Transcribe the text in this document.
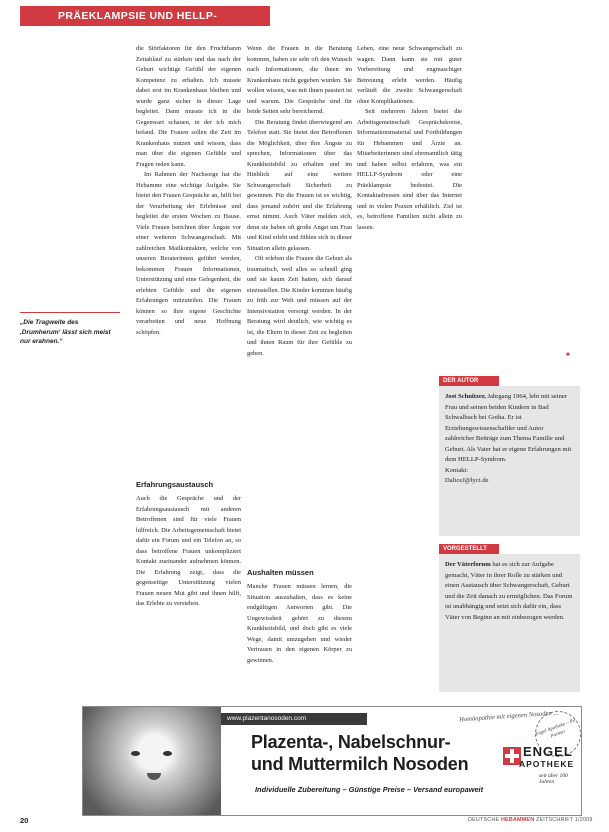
PRÄEKLAMPSIE UND HELLP-SYNDROM
„Die Tragweite des ‚Drumherum‘ lässt sich meist nur erahnen.“

die Störfaktoren für den Fruchtbaren Zeitablauf zu stärken und das nach der Geburt wichtige Gefühl der eigenen Kompetenz zu erhalten. Ich musste dabei erst im Krankenhaus bleiben und wurde ganz sicher in dieser Lage begleitet. Dann musste ich in die Gegenwart schauen, in der ich mich befand. Die Frauen sollen die Zeit im Krankenhaus nutzen und wissen, dass man über die eigenen Gefühle und Fragen reden kann.

Im Rahmen der Nachsorge hat die Hebamme eine wichtige Aufgabe. Sie bietet den Frauen Gespräche an, hilft bei der Verarbeitung der Erlebnisse und begleitet die ersten Wochen zu Hause. Viele Frauen berichten über Ängste vor einer weiteren Schwangerschaft. Mit zahlreichen Mailkontakten, welche von unseren Beraterinnen geführt werden, bekommen Frauen Informationen, Unterstützung und eine Gelegenheit, die erlebten Gefühle und die eigenen Erfahrungen mitzuteilen. Die Frauen können so ihre eigene Geschichte verarbeiten und neue Hoffnung schöpfen.

Erfahrungsaustausch

Auch die Gespräche und der Erfahrungsaustausch mit anderen Betroffenen sind für viele Frauen hilfreich. Die Arbeitsgemeinschaft bietet dafür ein Forum und ein Telefon an, so dass betroffene Frauen unkompliziert Kontakt zueinander aufnehmen können. Die Erfahrung zeigt, dass die gegenseitige Unterstützung vielen Frauen neuen Mut gibt und ihnen hilft, das Erlebte zu verstehen.

Wenn die Frauen in die Beratung kommen, haben sie sehr oft den Wunsch nach Informationen, die ihnen im Krankenhaus nicht gegeben wurden. Sie wollen wissen, was mit ihnen passiert ist und warum. Die Gespräche sind für beide Seiten sehr bereichernd.

Die Beratung findet überwiegend am Telefon statt. Sie bietet den Betroffenen die Möglichkeit, über ihre Ängste zu sprechen, Informationen über das Krankheitsbild zu erhalten und im Hinblick auf eine weitere Schwangerschaft Sicherheit zu gewinnen. Für die Frauen ist es wichtig, dass jemand zuhört und die Erfahrung ernst nimmt. Auch Väter melden sich, denn sie haben oft große Angst um Frau und Kind erlebt und fühlen sich in dieser Situation allein gelassen.

Oft erleben die Frauen die Geburt als traumatisch, weil alles so schnell ging und sie kaum Zeit hatten, sich darauf einzustellen. Die Kinder kommen häufig zu früh zur Welt und müssen auf der Intensivstation versorgt werden. In der Beratung wird deutlich, wie wichtig es ist, die Eltern in dieser Zeit zu begleiten und ihnen Raum für ihre Gefühle zu geben.

Aushalten müssen

Manche Frauen müssen lernen, die Situation auszuhalten, dass es keine endgültigen Antworten gibt. Die Ungewissheit gehört zu diesem Krankheitsbild, und doch gibt es viele Wege, damit umzugehen und wieder Vertrauen in den eigenen Körper zu gewinnen.

Leben, eine neue Schwangerschaft zu wagen. Dann kann sie mit guter Vorbereitung und engmaschiger Betreuung erlebt werden. Häufig verläuft die zweite Schwangerschaft ohne Komplikationen.

Seit mehreren Jahren bietet die Arbeitsgemeinschaft Gesprächskreise, Informationsmaterial und Fortbildungen für Hebammen und Ärzte an. Mitarbeiterinnen sind ehrenamtlich tätig und haben selbst erfahren, was ein HELLP-Syndrom oder eine Präeklampsie bedeutet. Die Kontaktadressen sind über das Internet und in vielen Praxen erhältlich. Ziel ist es, betroffene Familien nicht allein zu lassen.

■
DER AUTOR
Jost Schnitzer, Jahrgang 1964, lebt mit seiner Frau und seinen beiden Kindern in Bad Schwalbach bei Gotha. Er ist Erziehungswissenschaftler und Autor zahlreicher Beiträge zum Thema Familie und Geburt. Als Vater hat er eigene Erfahrungen mit dem HELLP-Syndrom.
Kontakt:
DaliceJ@lyci.de
VORGESTELLT
Der Väterforum hat es sich zur Aufgabe gemacht, Väter in ihrer Rolle zu stärken und einen Austausch über Schwangerschaft, Geburt und die Zeit danach zu ermöglichen. Das Forum ist unabhängig und setzt sich dafür ein, dass Väter von Beginn an mit einbezogen werden.
www.plazentanosoden.com
Plazenta-, Nabelschnur-
und Muttermilch Nosoden
Individuelle Zubereitung – Günstige Preise – Versand europaweit
Homöopathie mit eigenen Nosoden ...
Engel Apotheke – Ihr Partner
ENGEL
APOTHEKE
seit über 100 Jahren
20	DEUTSCHE HEBAMMEN ZEITSCHRIFT 1/2009
